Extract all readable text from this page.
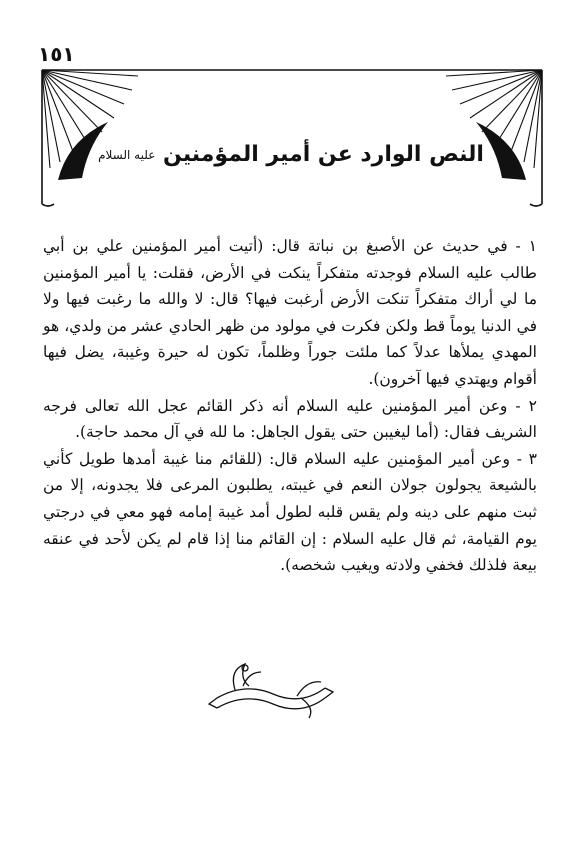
١٥١
النص الوارد عن أمير المؤمنين عليه السلام

١ - في حديث عن الأصبغ بن نباتة قال: (أتيت أمير المؤمنين علي بن أبي طالب عليه السلام فوجدته متفكراً ينكت في الأرض، فقلت: يا أمير المؤمنين ما لي أراك متفكراً تنكت الأرض أرغبت فيها؟ قال: لا والله ما رغبت فيها ولا في الدنيا يوماً قط ولكن فكرت في مولود من ظهر الحادي عشر من ولدي، هو المهدي يملأها عدلاً كما ملئت جوراً وظلماً، تكون له حيرة وغيبة، يضل فيها أقوام ويهتدي فيها آخرون).

٢ - وعن أمير المؤمنين عليه السلام أنه ذكر القائم عجل الله تعالى فرجه الشريف فقال: (أما ليغيبن حتى يقول الجاهل: ما لله في آل محمد حاجة).

٣ - وعن أمير المؤمنين عليه السلام قال: (للقائم منا غيبة أمدها طويل كأني بالشيعة يجولون جولان النعم في غيبته، يطلبون المرعى فلا يجدونه، إلا من ثبت منهم على دينه ولم يقس قلبه لطول أمد غيبة إمامه فهو معي في درجتي يوم القيامة، ثم قال عليه السلام : إن القائم منا إذا قام لم يكن لأحد في عنقه بيعة فلذلك فخفي ولادته ويغيب شخصه).
